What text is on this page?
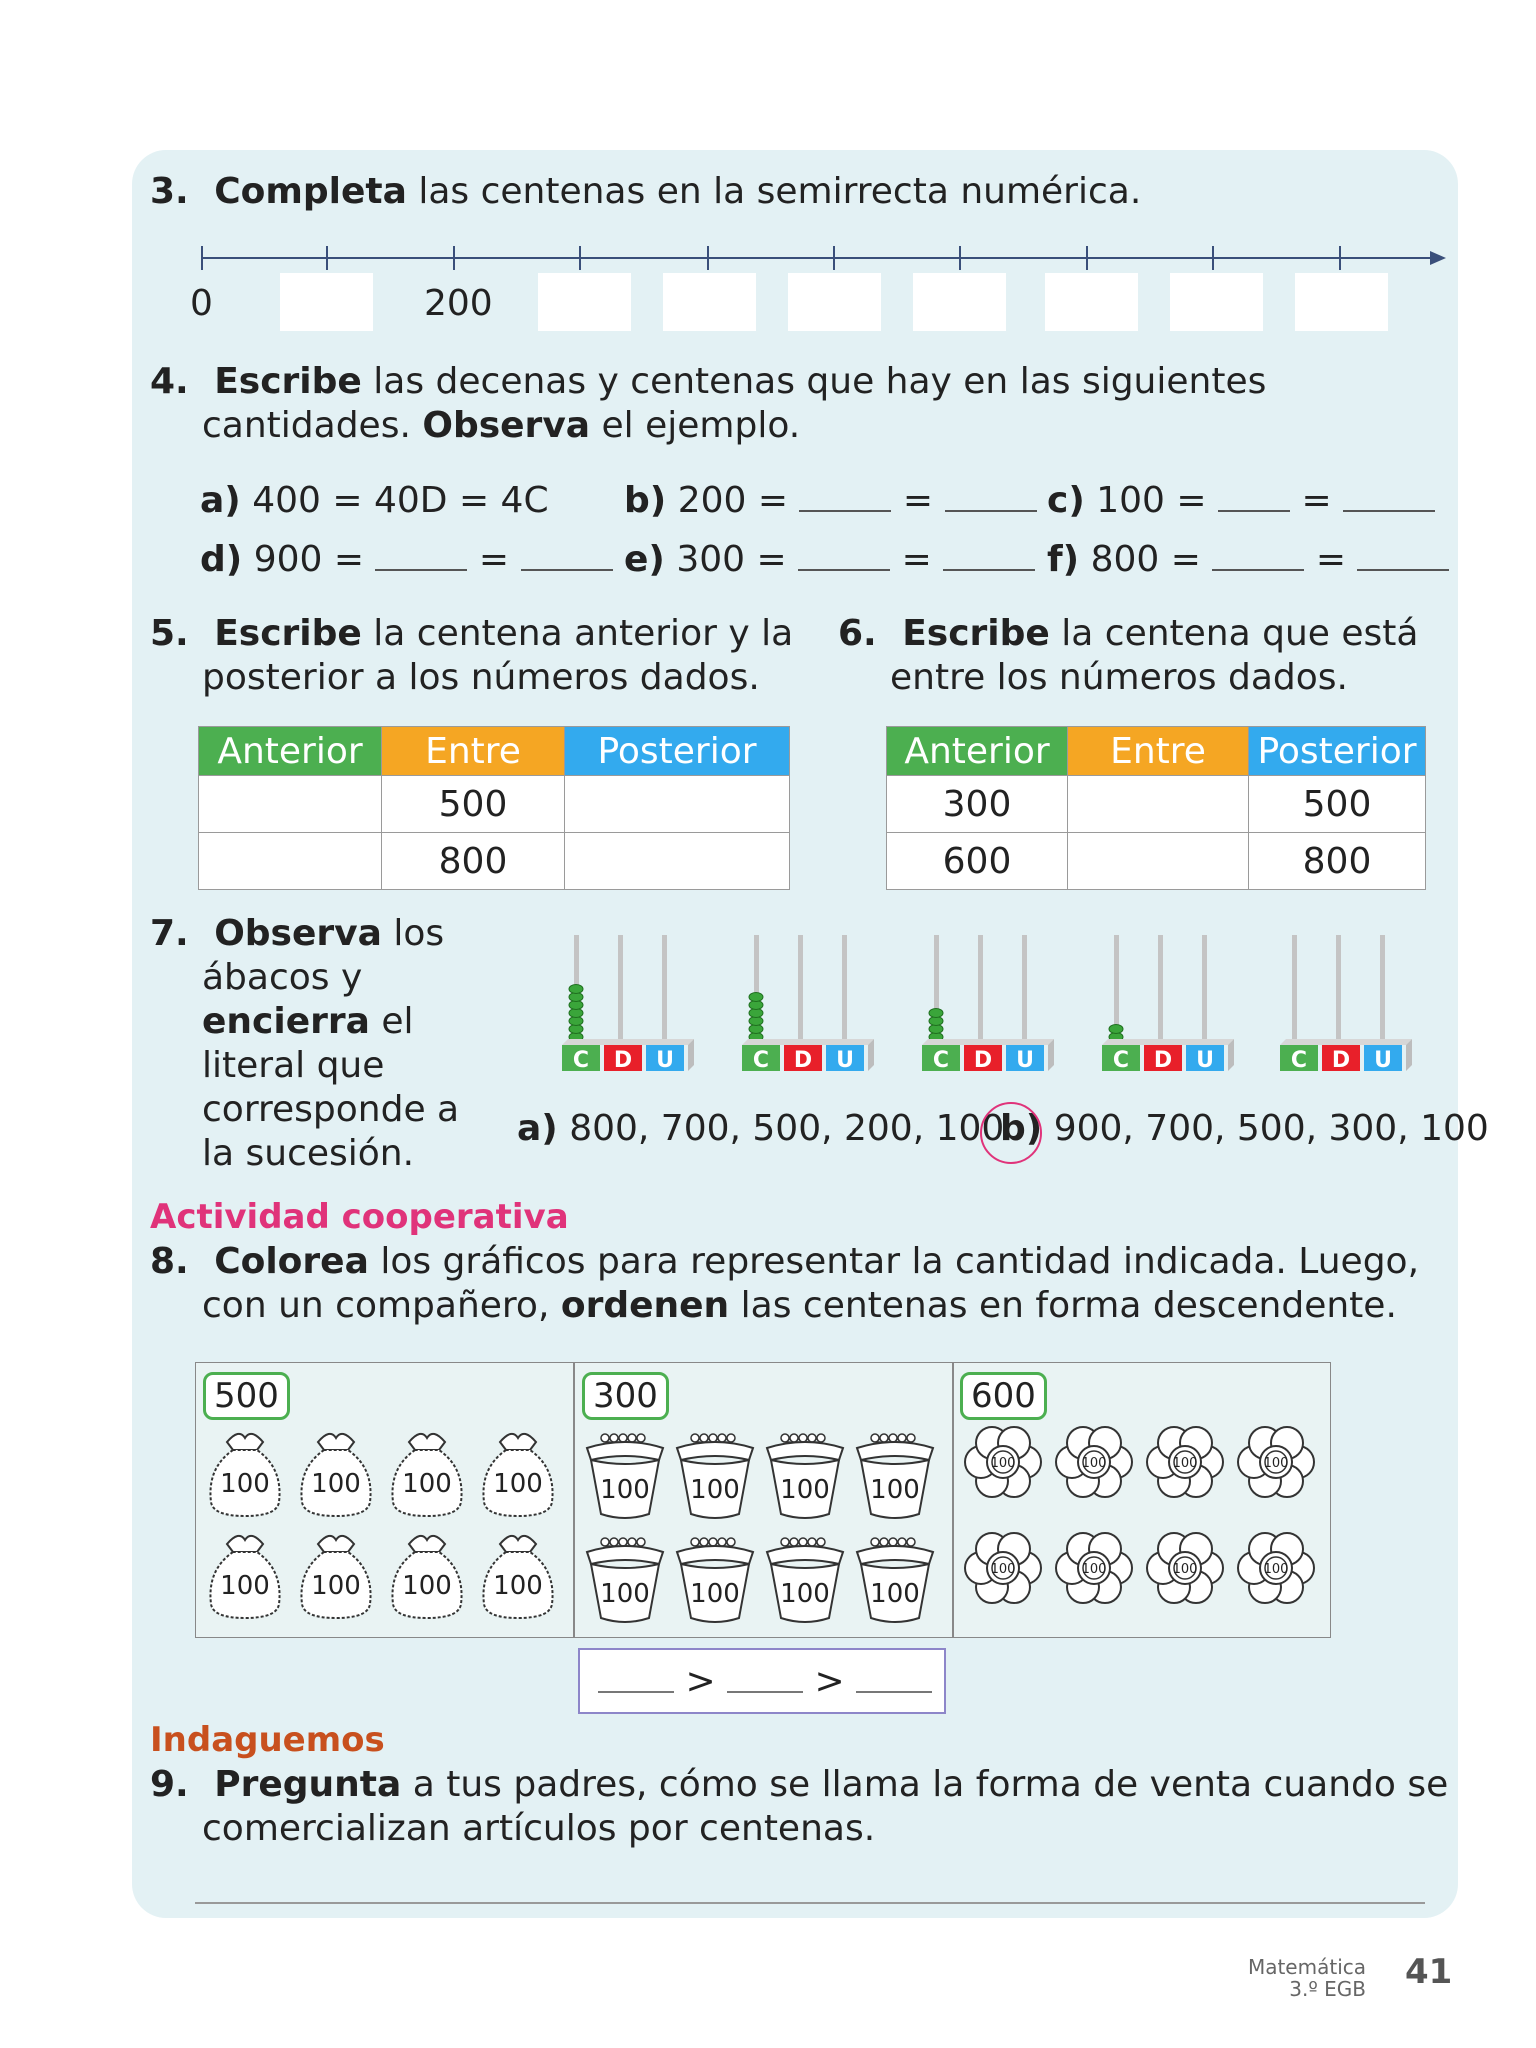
3. Completa las centenas en la semirrecta numérica.
0	200
4. Escribe las decenas y centenas que hay en las siguientes
cantidades. Observa el ejemplo.
a) 400 = 40D = 4C b) 200 =	=	c) 100 =	=
d) 900 =	=	e) 300 =	=	f) 800 =	=
5. Escribe la centena anterior y la
posterior a los números dados.
Anterior	Entre	Posterior
	500	
	800	
6. Escribe la centena que está
entre los números dados.
Anterior	Entre	Posterior
300		500
600		800
7. Observa los
ábacos y
encierra el
literal que
corresponde a
la sucesión.
C D U	C D U	C D U	C D U	C D U
a) 800, 700, 500, 200, 100
b) 900, 700, 500, 300, 100
Actividad cooperativa
8. Colorea los gráficos para representar la cantidad indicada. Luego,
con un compañero, ordenen las centenas en forma descendente.
500	300	600
100	100
100
100	100
100
100	100
100
100	100
100
100	100
100
100	100
100
100	100
100
100	100
100
>	>
Indaguemos
9. Pregunta a tus padres, cómo se llama la forma de venta cuando se
comercializan artículos por centenas.
Matemática
3.º EGB 41
